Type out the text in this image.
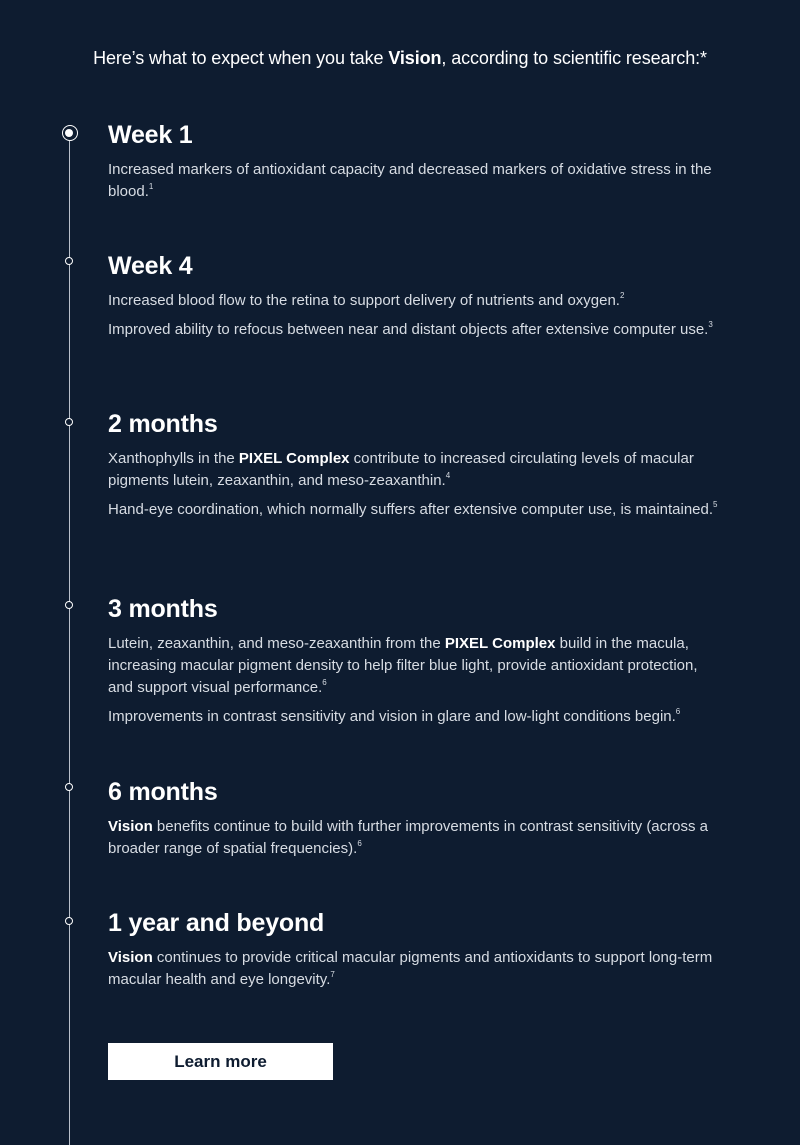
Here’s what to expect when you take Vision, according to scientific research:*

Week 1

Increased markers of antioxidant capacity and decreased markers of oxidative stress in the blood.$^1$

Week 4

Increased blood flow to the retina to support delivery of nutrients and oxygen.$^2$

Improved ability to refocus between near and distant objects after extensive computer use.$^3$

2 months

Xanthophylls in the PIXEL Complex contribute to increased circulating levels of macular pigments lutein, zeaxanthin, and meso-zeaxanthin.$^4$

Hand-eye coordination, which normally suffers after extensive computer use, is maintained.$^5$

3 months

Lutein, zeaxanthin, and meso-zeaxanthin from the PIXEL Complex build in the macula, increasing macular pigment density to help filter blue light, provide antioxidant protection, and support visual performance.$^6$

Improvements in contrast sensitivity and vision in glare and low-light conditions begin.$^6$

6 months

Vision benefits continue to build with further improvements in contrast sensitivity (across a broader range of spatial frequencies).$^6$

1 year and beyond

Vision continues to provide critical macular pigments and antioxidants to support long-term macular health and eye longevity.$^7$

Learn more
